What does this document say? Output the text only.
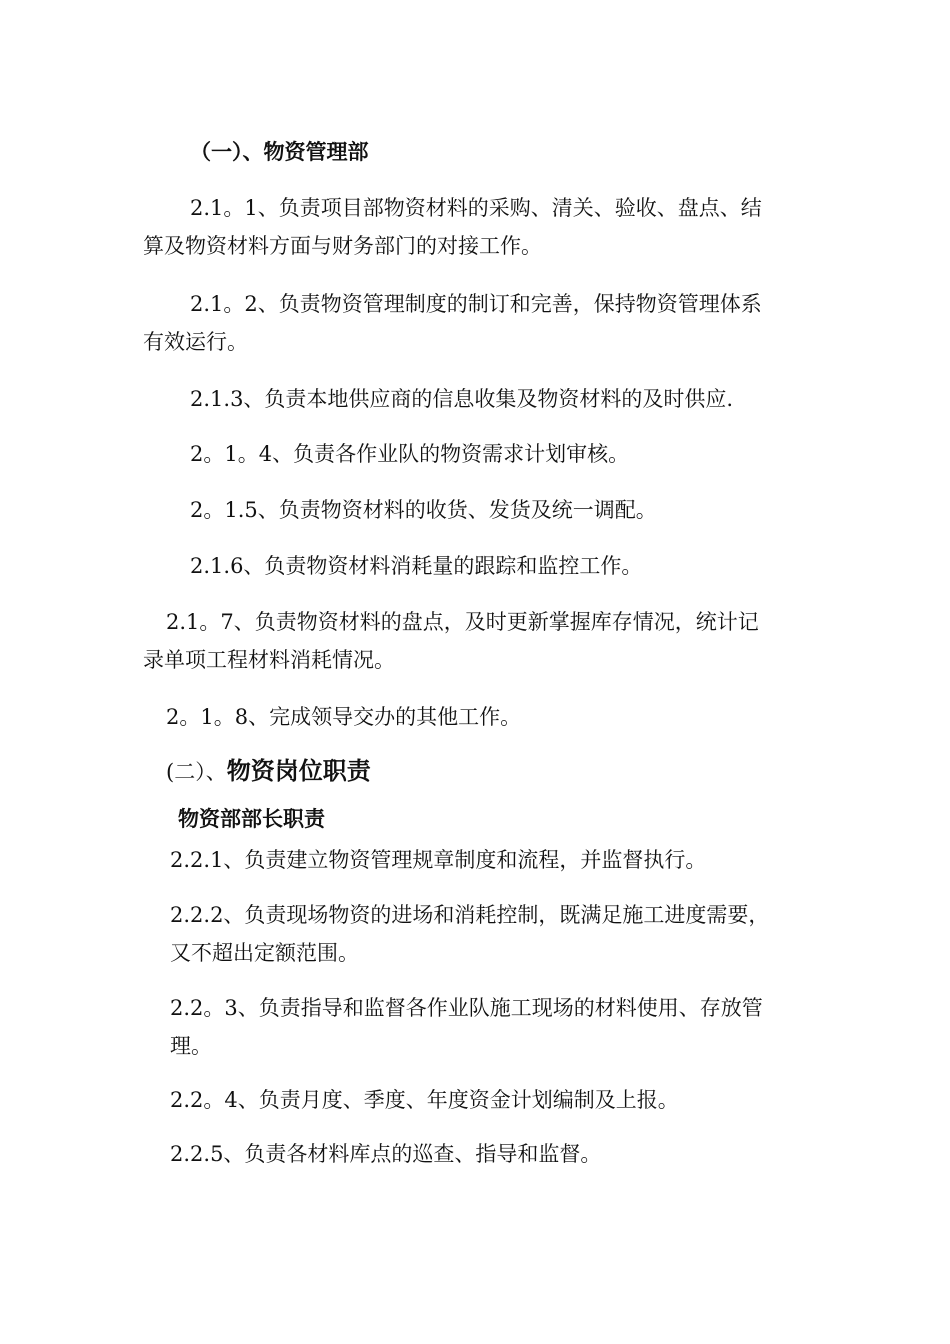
（一）、物资管理部
2.1。1、负责项目部物资材料的采购、清关、验收、盘点、结
算及物资材料方面与财务部门的对接工作。
2.1。2、负责物资管理制度的制订和完善，保持物资管理体系
有效运行。
2.1.3、负责本地供应商的信息收集及物资材料的及时供应.
2。1。4、负责各作业队的物资需求计划审核。
2。1.5、负责物资材料的收货、发货及统一调配。
2.1.6、负责物资材料消耗量的跟踪和监控工作。
2.1。7、负责物资材料的盘点，及时更新掌握库存情况，统计记
录单项工程材料消耗情况。
2。1。8、完成领导交办的其他工作。
(二）、物资岗位职责
物资部部长职责
2.2.1、负责建立物资管理规章制度和流程，并监督执行。
2.2.2、负责现场物资的进场和消耗控制，既满足施工进度需要，
又不超出定额范围。
2.2。3、负责指导和监督各作业队施工现场的材料使用、存放管
理。
2.2。4、负责月度、季度、年度资金计划编制及上报。
2.2.5、负责各材料库点的巡查、指导和监督。
